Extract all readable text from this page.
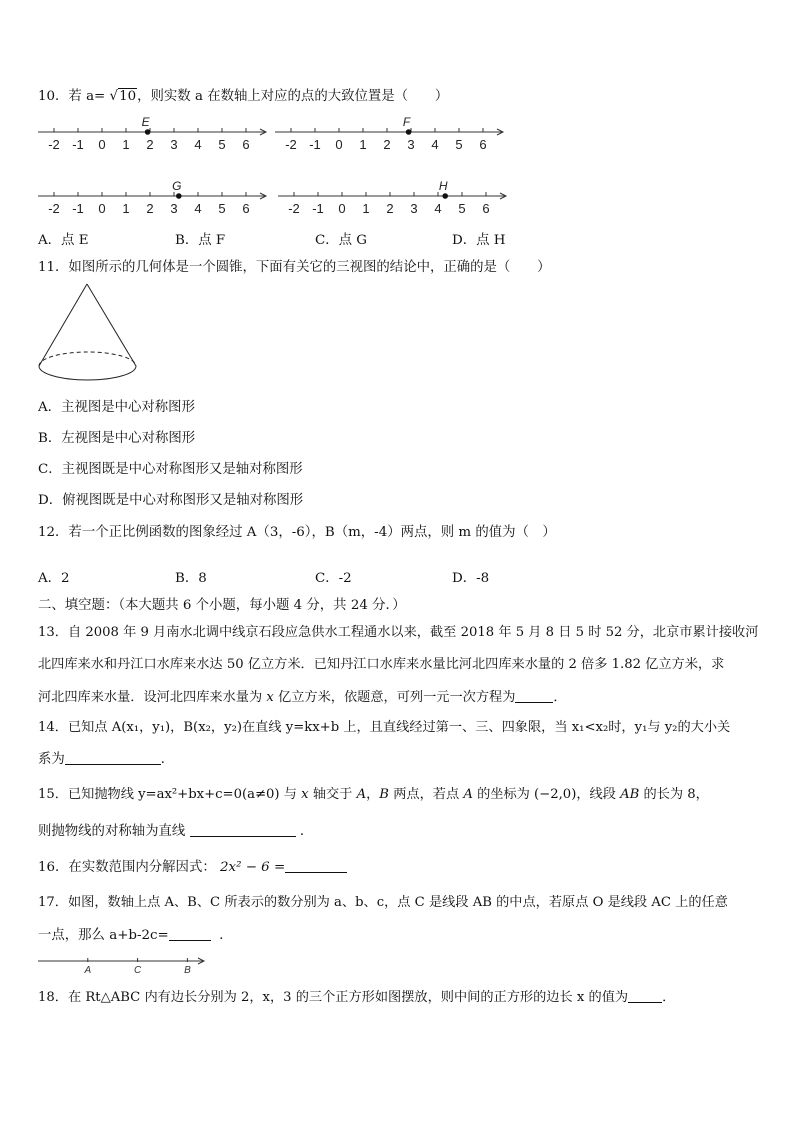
10．若 a= √10，则实数 a 在数轴上对应的点的大致位置是（　　）
-2 -1 0 1 2 3 4 5 6
E
-2 -1 0 1 2 3 4 5 6
F
-2 -1 0 1 2 3 4 5 6
G
-2 -1 0 1 2 3 4 5 6
H
A．点 E	B．点 F	C．点 G	D．点 H
11．如图所示的几何体是一个圆锥，下面有关它的三视图的结论中，正确的是（　　）
A．主视图是中心对称图形
B．左视图是中心对称图形
C．主视图既是中心对称图形又是轴对称图形
D．俯视图既是中心对称图形又是轴对称图形
12．若一个正比例函数的图象经过 A（3，-6），B（m，-4）两点，则 m 的值为（　）
A．2	B．8	C．-2	D．-8
二、填空题：（本大题共 6 个小题，每小题 4 分，共 24 分．）
13．自 2008 年 9 月南水北调中线京石段应急供水工程通水以来，截至 2018 年 5 月 8 日 5 时 52 分，北京市累计接收河
北四库来水和丹江口水库来水达 50 亿立方米．已知丹江口水库来水量比河北四库来水量的 2 倍多 1.82 亿立方米，求
河北四库来水量．设河北四库来水量为 x 亿立方米，依题意，可列一元一次方程为	．
14．已知点 A(x₁，y₁)，B(x₂，y₂)在直线 y=kx+b 上，且直线经过第一、三、四象限，当 x₁<x₂时，y₁与 y₂的大小关
系为	．
15．已知抛物线 y=ax²+bx+c=0(a≠0) 与 x 轴交于 A，B 两点，若点 A 的坐标为 (−2,0)，线段 AB 的长为 8，
则抛物线的对称轴为直线	．
16．在实数范围内分解因式： 2x² − 6 =
17．如图，数轴上点 A、B、C 所表示的数分别为 a、b、c，点 C 是线段 AB 的中点，若原点 O 是线段 AC 上的任意
一点，那么 a+b-2c=	．
A	C	B
18．在 Rt△ABC 内有边长分别为 2，x，3 的三个正方形如图摆放，则中间的正方形的边长 x 的值为	．
